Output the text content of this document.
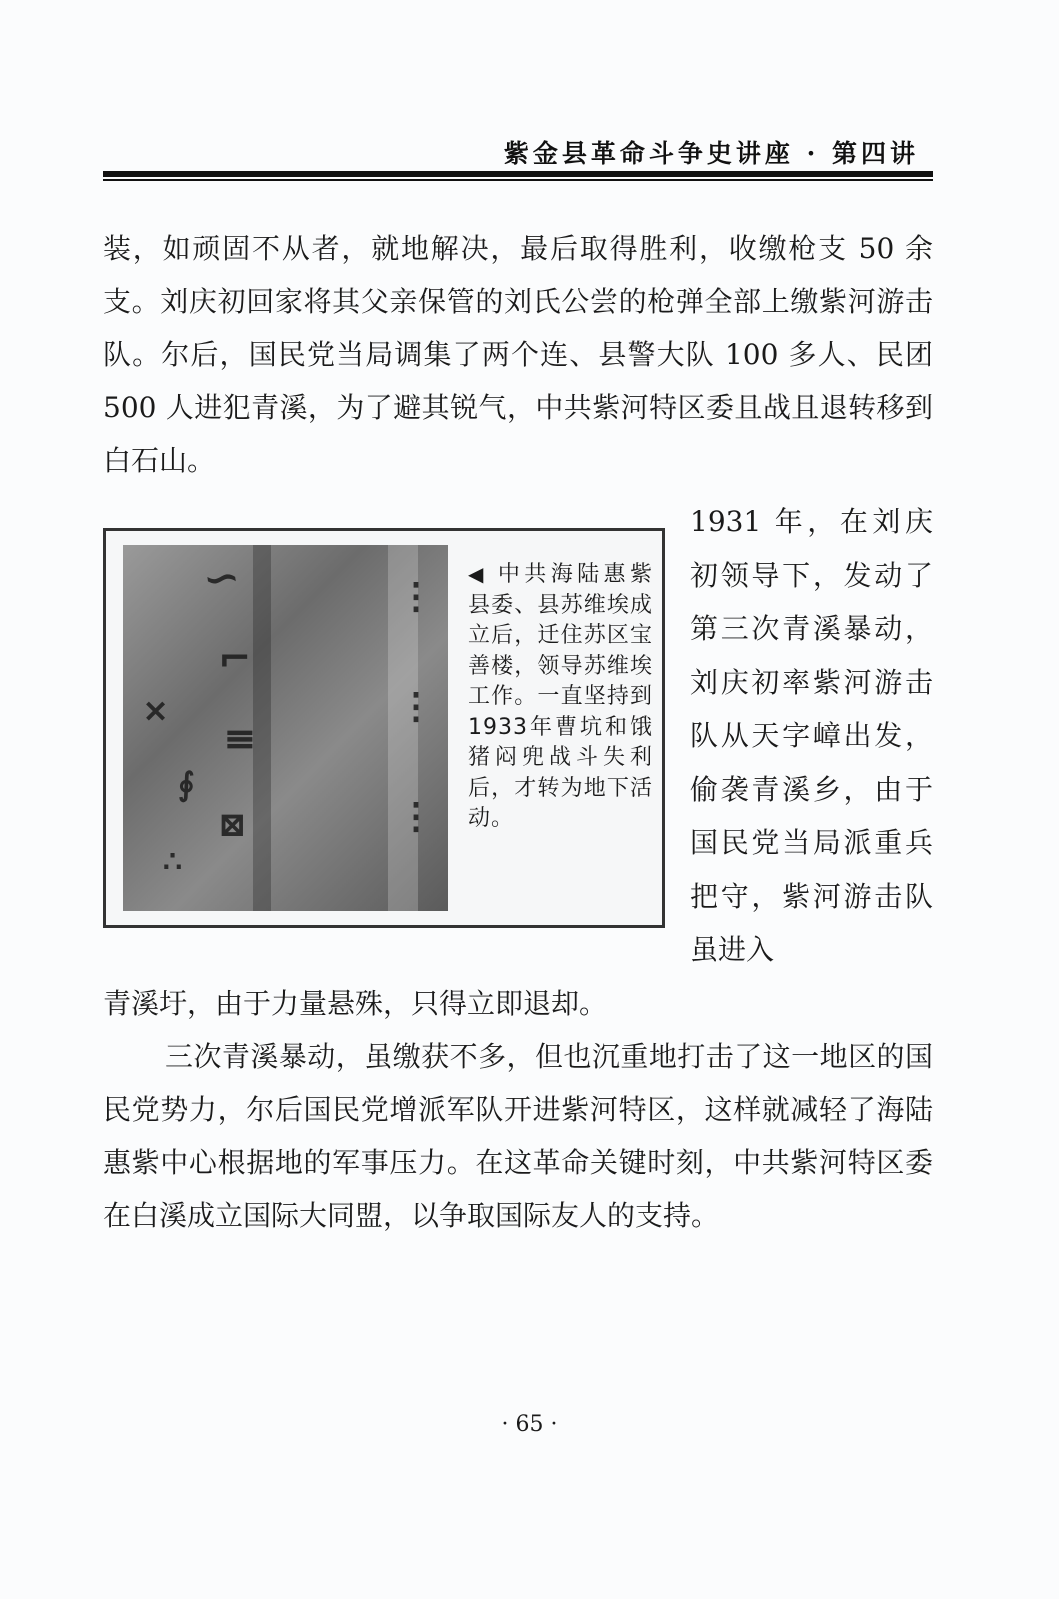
紫金县革命斗争史讲座 · 第四讲

装，如顽固不从者，就地解决，最后取得胜利，收缴枪支 50 余支。刘庆初回家将其父亲保管的刘氏公尝的枪弹全部上缴紫河游击队。尔后，国民党当局调集了两个连、县警大队 100 多人、民团 500 人进犯青溪，为了避其锐气，中共紫河特区委且战且退转移到白石山。

∽
⌐
≡
✕
∮
⊠
∴
⋮
⋮
⋮

◀ 中共海陆惠紫县委、县苏维埃成立后，迁住苏区宝善楼，领导苏维埃工作。一直坚持到1933年曹坑和饿猪闷兜战斗失利后，才转为地下活动。

1931 年，在刘庆初领导下，发动了第三次青溪暴动，刘庆初率紫河游击队从天字嶂出发，偷袭青溪乡，由于国民党当局派重兵把守，紫河游击队虽进入

青溪圩，由于力量悬殊，只得立即退却。

三次青溪暴动，虽缴获不多，但也沉重地打击了这一地区的国民党势力，尔后国民党增派军队开进紫河特区，这样就减轻了海陆惠紫中心根据地的军事压力。在这革命关键时刻，中共紫河特区委在白溪成立国际大同盟，以争取国际友人的支持。

· 65 ·
